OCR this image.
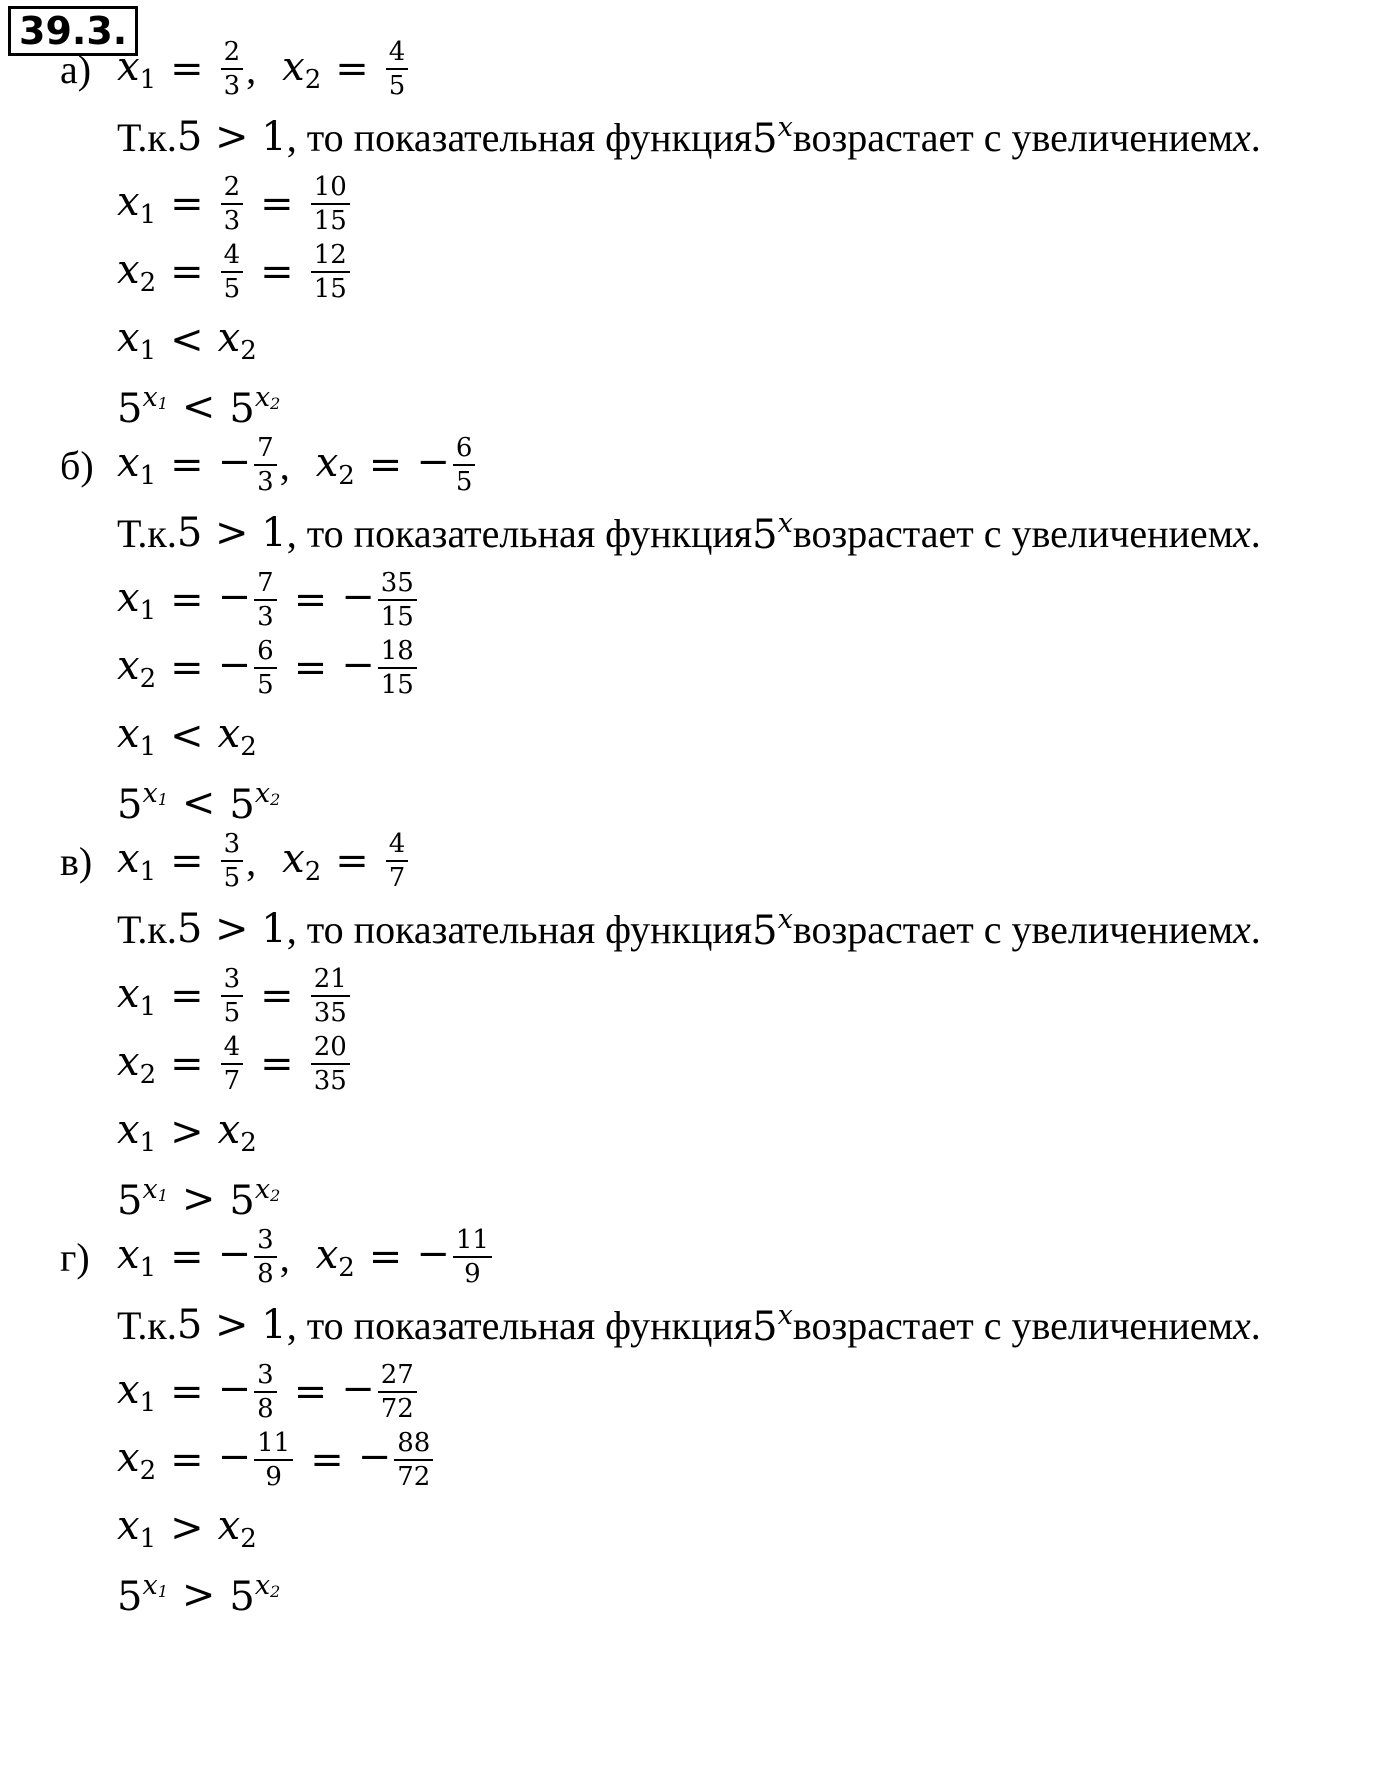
39.3.
а) $x_1 = \frac{2}{3}$ , $x_2 = \frac{4}{5}$
Т.к. 5 > 1 , то показательная функция 5$^x$ возрастает с увеличением x .
$x_1 = \frac{2}{3} = \frac{10}{15}$
$x_2 = \frac{4}{5} = \frac{12}{15}$
$x_1 < x_2$
$5^{x1} < 5^{x2}$
б) $x_1$ = − $\frac{7}{3}$ , $x_2$ = − $\frac{6}{5}$
Т.к. 5 > 1 , то показательная функция 5$^x$ возрастает с увеличением x .
$x_1$ = − $\frac{7}{3}$ = − $\frac{35}{15}$
$x_2$ = − $\frac{6}{5}$ = − $\frac{18}{15}$
$x_1 < x_2$
$5^{x1} < 5^{x2}$
в) $x_1 = \frac{3}{5}$ , $x_2 = \frac{4}{7}$
Т.к. 5 > 1 , то показательная функция 5$^x$ возрастает с увеличением x .
$x_1 = \frac{3}{5} = \frac{21}{35}$
$x_2 = \frac{4}{7} = \frac{20}{35}$
$x_1 > x_2$
$5^{x1} > 5^{x2}$
г) $x_1$ = − $\frac{3}{8}$ , $x_2$ = − $\frac{11}{9}$
Т.к. 5 > 1 , то показательная функция 5$^x$ возрастает с увеличением x .
$x_1$ = − $\frac{3}{8}$ = − $\frac{27}{72}$
$x_2$ = − $\frac{11}{9}$ = − $\frac{88}{72}$
$x_1 > x_2$
$5^{x1} > 5^{x2}$
